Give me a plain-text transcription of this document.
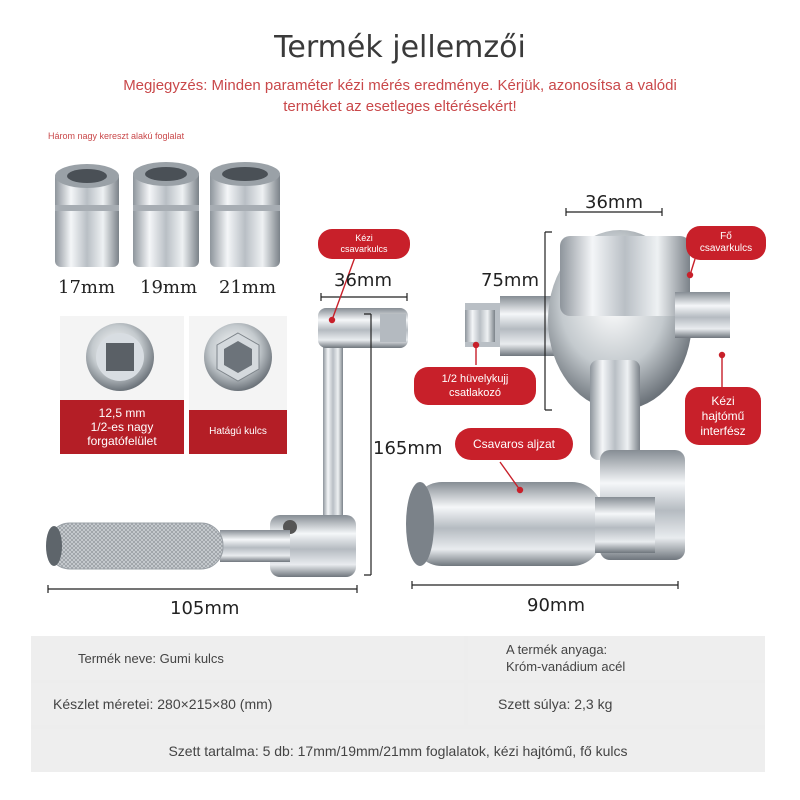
Termék jellemzői
Megjegyzés: Minden paraméter kézi mérés eredménye. Kérjük, azonosítsa a valódi
terméket az esetleges eltérésekért!
Három nagy kereszt alakú foglalat
17mm 19mm 21mm
12,5 mm
1/2-es nagy
forgatófelület
Hatágú kulcs
36mm
165mm
105mm
36mm
75mm
90mm
Kézi
csavarkulcs
Fő
csavarkulcs
1/2 hüvelykujj
csatlakozó
Kézi
hajtómű
interfész
Csavaros aljzat
Termék neve: Gumi kulcs
A termék anyaga:
Króm-vanádium acél
Készlet méretei: 280×215×80 (mm)	Szett súlya: 2,3 kg
Szett tartalma: 5 db: 17mm/19mm/21mm foglalatok, kézi hajtómű, fő kulcs
